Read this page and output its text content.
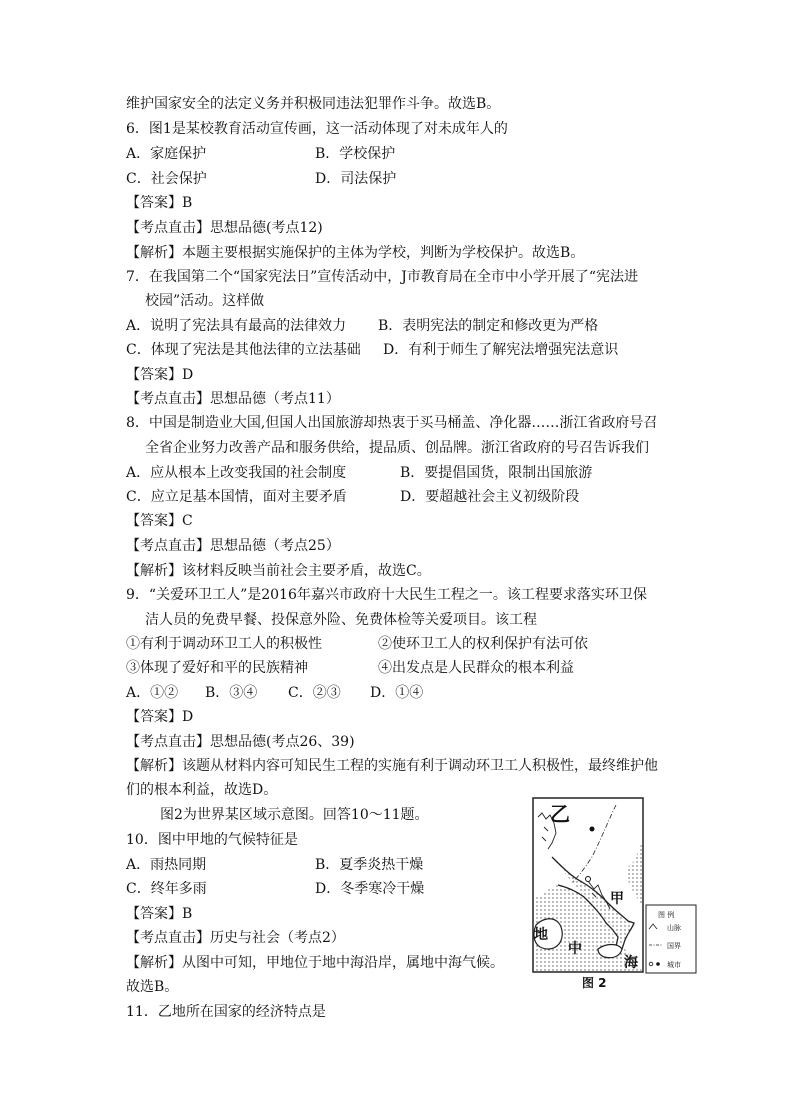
维护国家安全的法定义务并积极同违法犯罪作斗争。故选B。
6．图1是某校教育活动宣传画，这一活动体现了对未成年人的
A．家庭保护	B．学校保护
C．社会保护	D．司法保护
【答案】B
【考点直击】思想品德(考点12)
【解析】本题主要根据实施保护的主体为学校，判断为学校保护。故选B。
7．在我国第二个“国家宪法日”宣传活动中，J市教育局在全市中小学开展了“宪法进
校园”活动。这样做
A．说明了宪法具有最高的法律效力 B．表明宪法的制定和修改更为严格
C．体现了宪法是其他法律的立法基础 D．有利于师生了解宪法增强宪法意识
【答案】D
【考点直击】思想品德（考点11）
8．中国是制造业大国,但国人出国旅游却热衷于买马桶盖、净化器……浙江省政府号召
全省企业努力改善产品和服务供给，提品质、创品牌。浙江省政府的号召告诉我们
A．应从根本上改变我国的社会制度	B．要提倡国货，限制出国旅游
C．应立足基本国情，面对主要矛盾	D．要超越社会主义初级阶段
【答案】C
【考点直击】思想品德（考点25）
【解析】该材料反映当前社会主要矛盾，故选C。
9．“关爱环卫工人”是2016年嘉兴市政府十大民生工程之一。该工程要求落实环卫保
洁人员的免费早餐、投保意外险、免费体检等关爱项目。该工程
①有利于调动环卫工人的积极性	②使环卫工人的权利保护有法可依
③体现了爱好和平的民族精神	④出发点是人民群众的根本利益
A．①② B．③④ C．②③ D．①④
【答案】D
【考点直击】思想品德(考点26、39)
【解析】该题从材料内容可知民生工程的实施有利于调动环卫工人积极性，最终维护他
们的根本利益，故选D。
图2为世界某区域示意图。回答10～11题。
10．图中甲地的气候特征是
A．雨热同期	B．夏季炎热干燥
C．终年多雨	D．冬季寒冷干燥
【答案】B
【考点直击】历史与社会（考点2）
【解析】从图中可知，甲地位于地中海沿岸，属地中海气候。
故选B。
11．乙地所在国家的经济特点是
乙
甲
地
中
海
图 例
山脉
国界
城市
图 2
